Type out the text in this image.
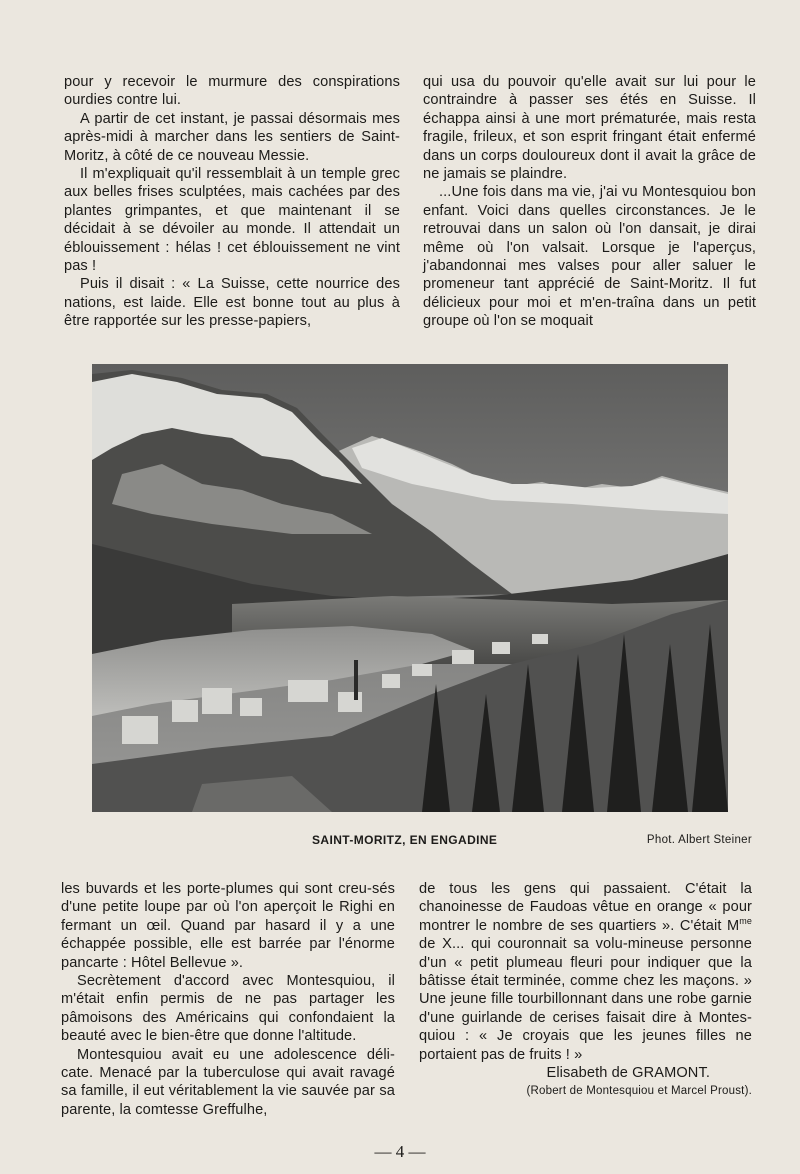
pour y recevoir le murmure des conspirations ourdies contre lui.

A partir de cet instant, je passai désormais mes après-midi à marcher dans les sentiers de Saint-Moritz, à côté de ce nouveau Messie.

Il m'expliquait qu'il ressemblait à un temple grec aux belles frises sculptées, mais cachées par des plantes grimpantes, et que maintenant il se décidait à se dévoiler au monde. Il attendait un éblouissement : hélas ! cet éblouissement ne vint pas !

Puis il disait : « La Suisse, cette nourrice des nations, est laide. Elle est bonne tout au plus à être rapportée sur les presse-papiers,

qui usa du pouvoir qu'elle avait sur lui pour le contraindre à passer ses étés en Suisse. Il échappa ainsi à une mort prématurée, mais resta fragile, frileux, et son esprit fringant était enfermé dans un corps douloureux dont il avait la grâce de ne jamais se plaindre.

...Une fois dans ma vie, j'ai vu Montesquiou bon enfant. Voici dans quelles circonstances. Je le retrouvai dans un salon où l'on dansait, je dirai même où l'on valsait. Lorsque je l'aperçus, j'abandonnai mes valses pour aller saluer le promeneur tant apprécié de Saint-Moritz. Il fut délicieux pour moi et m'en-traîna dans un petit groupe où l'on se moquait

SAINT-MORITZ, EN ENGADINE	Phot. Albert Steiner

les buvards et les porte-plumes qui sont creu-sés d'une petite loupe par où l'on aperçoit le Righi en fermant un œil. Quand par hasard il y a une échappée possible, elle est barrée par l'énorme pancarte : Hôtel Bellevue ».

Secrètement d'accord avec Montesquiou, il m'était enfin permis de ne pas partager les pâmoisons des Américains qui confondaient la beauté avec le bien-être que donne l'altitude.

Montesquiou avait eu une adolescence déli-cate. Menacé par la tuberculose qui avait ravagé sa famille, il eut véritablement la vie sauvée par sa parente, la comtesse Greffulhe,

de tous les gens qui passaient. C'était la chanoinesse de Faudoas vêtue en orange « pour montrer le nombre de ses quartiers ». C'était $M^{me}$ de X... qui couronnait sa volu-mineuse personne d'un « petit plumeau fleuri pour indiquer que la bâtisse était terminée, comme chez les maçons. » Une jeune fille tourbillonnant dans une robe garnie d'une guirlande de cerises faisait dire à Montes-quiou : « Je croyais que les jeunes filles ne portaient pas de fruits ! »

Elisabeth de GRAMONT.

(Robert de Montesquiou et Marcel Proust).

— 4 —
